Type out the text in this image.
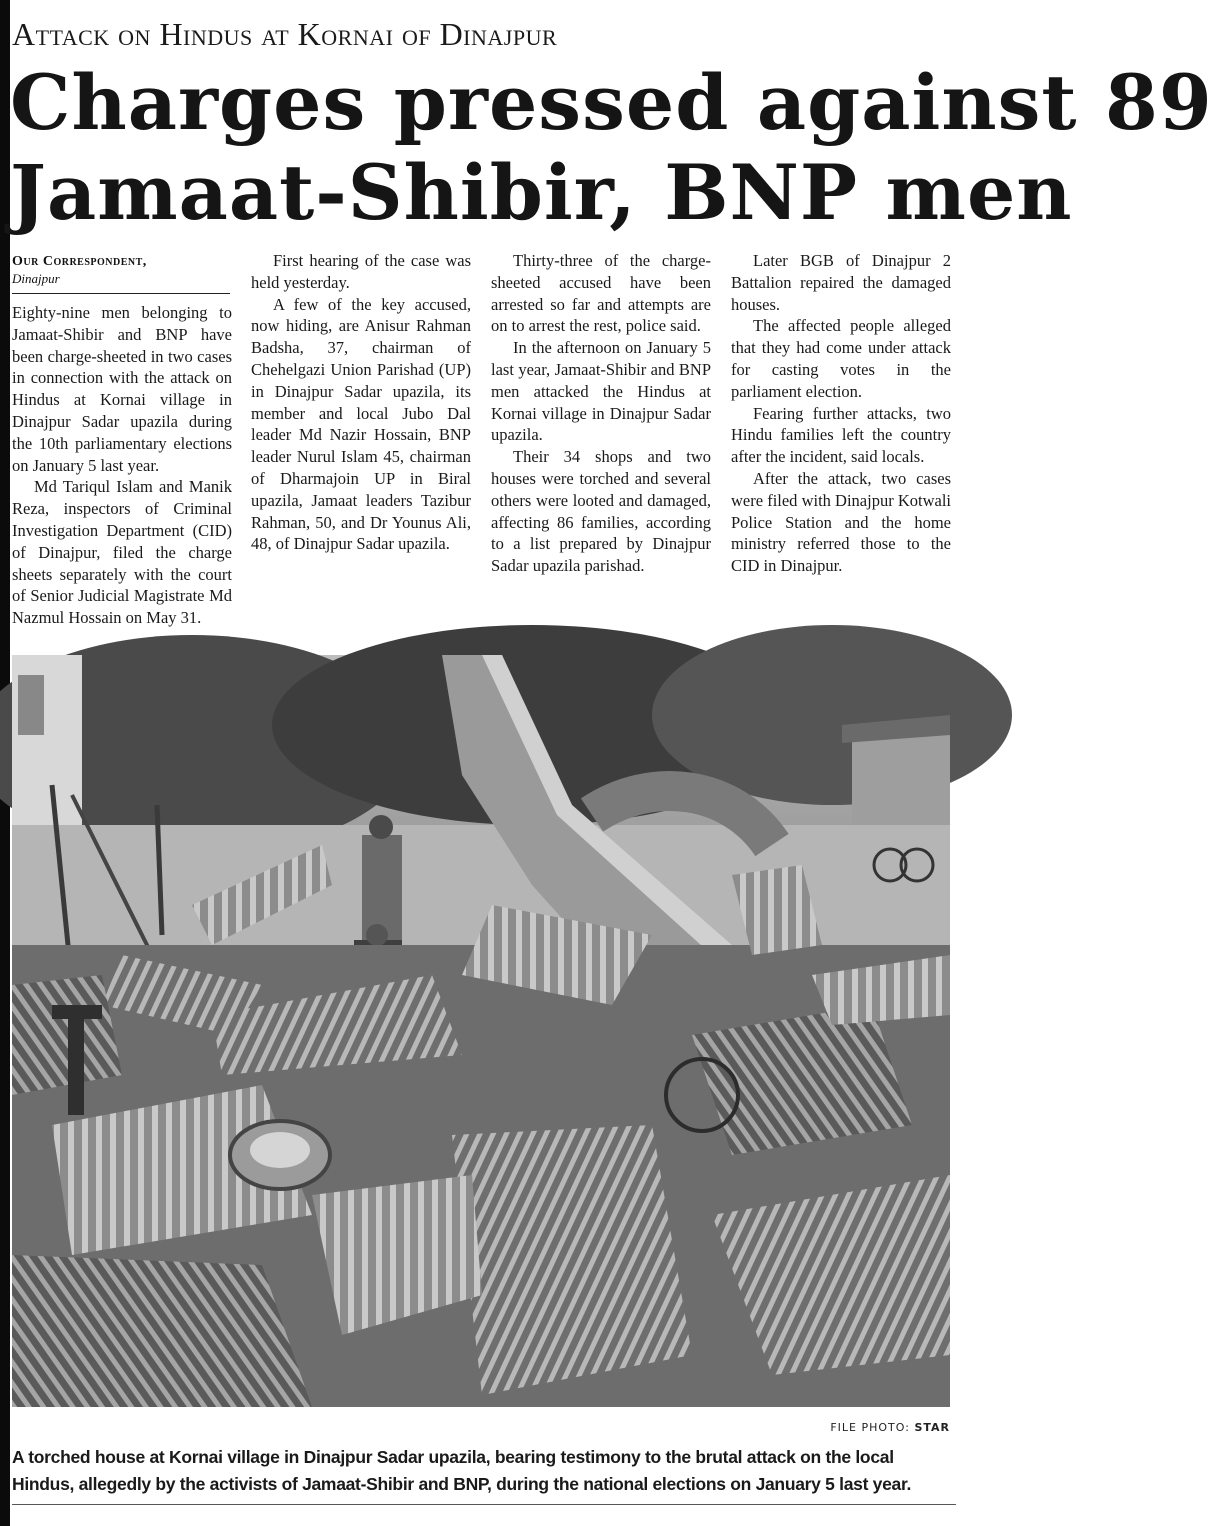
Attack on Hindus at Kornai of Dinajpur
Charges pressed against 89
Jamaat-Shibir, BNP men
Our Correspondent,
Dinajpur

Eighty-nine men belonging to Jamaat-Shibir and BNP have been charge-sheeted in two cases in connection with the attack on Hindus at Kornai village in Dinajpur Sadar upazila during the 10th parliamentary elections on January 5 last year.

Md Tariqul Islam and Manik Reza, inspectors of Criminal Investigation Department (CID) of Dinajpur, filed the charge sheets separately with the court of Senior Judicial Magistrate Md Nazmul Hossain on May 31.

First hearing of the case was held yesterday.

A few of the key accused, now hiding, are Anisur Rahman Badsha, 37, chairman of Chehelgazi Union Parishad (UP) in Dinajpur Sadar upazila, its member and local Jubo Dal leader Md Nazir Hossain, BNP leader Nurul Islam 45, chairman of Dharmajoin UP in Biral upazila, Jamaat leaders Tazibur Rahman, 50, and Dr Younus Ali, 48, of Dinajpur Sadar upazila.

Thirty-three of the charge-sheeted accused have been arrested so far and attempts are on to arrest the rest, police said.

In the afternoon on January 5 last year, Jamaat-Shibir and BNP men attacked the Hindus at Kornai village in Dinajpur Sadar upazila.

Their 34 shops and two houses were torched and several others were looted and damaged, affecting 86 families, according to a list prepared by Dinajpur Sadar upazila parishad.

Later BGB of Dinajpur 2 Battalion repaired the damaged houses.

The affected people alleged that they had come under attack for casting votes in the parliament election.

Fearing further attacks, two Hindu families left the country after the incident, said locals.

After the attack, two cases were filed with Dinajpur Kotwali Police Station and the home ministry referred those to the CID in Dinajpur.

FILE PHOTO: STAR
A torched house at Kornai village in Dinajpur Sadar upazila, bearing testimony to the brutal attack on the local Hindus, allegedly by the activists of Jamaat-Shibir and BNP, during the national elections on January 5 last year.
